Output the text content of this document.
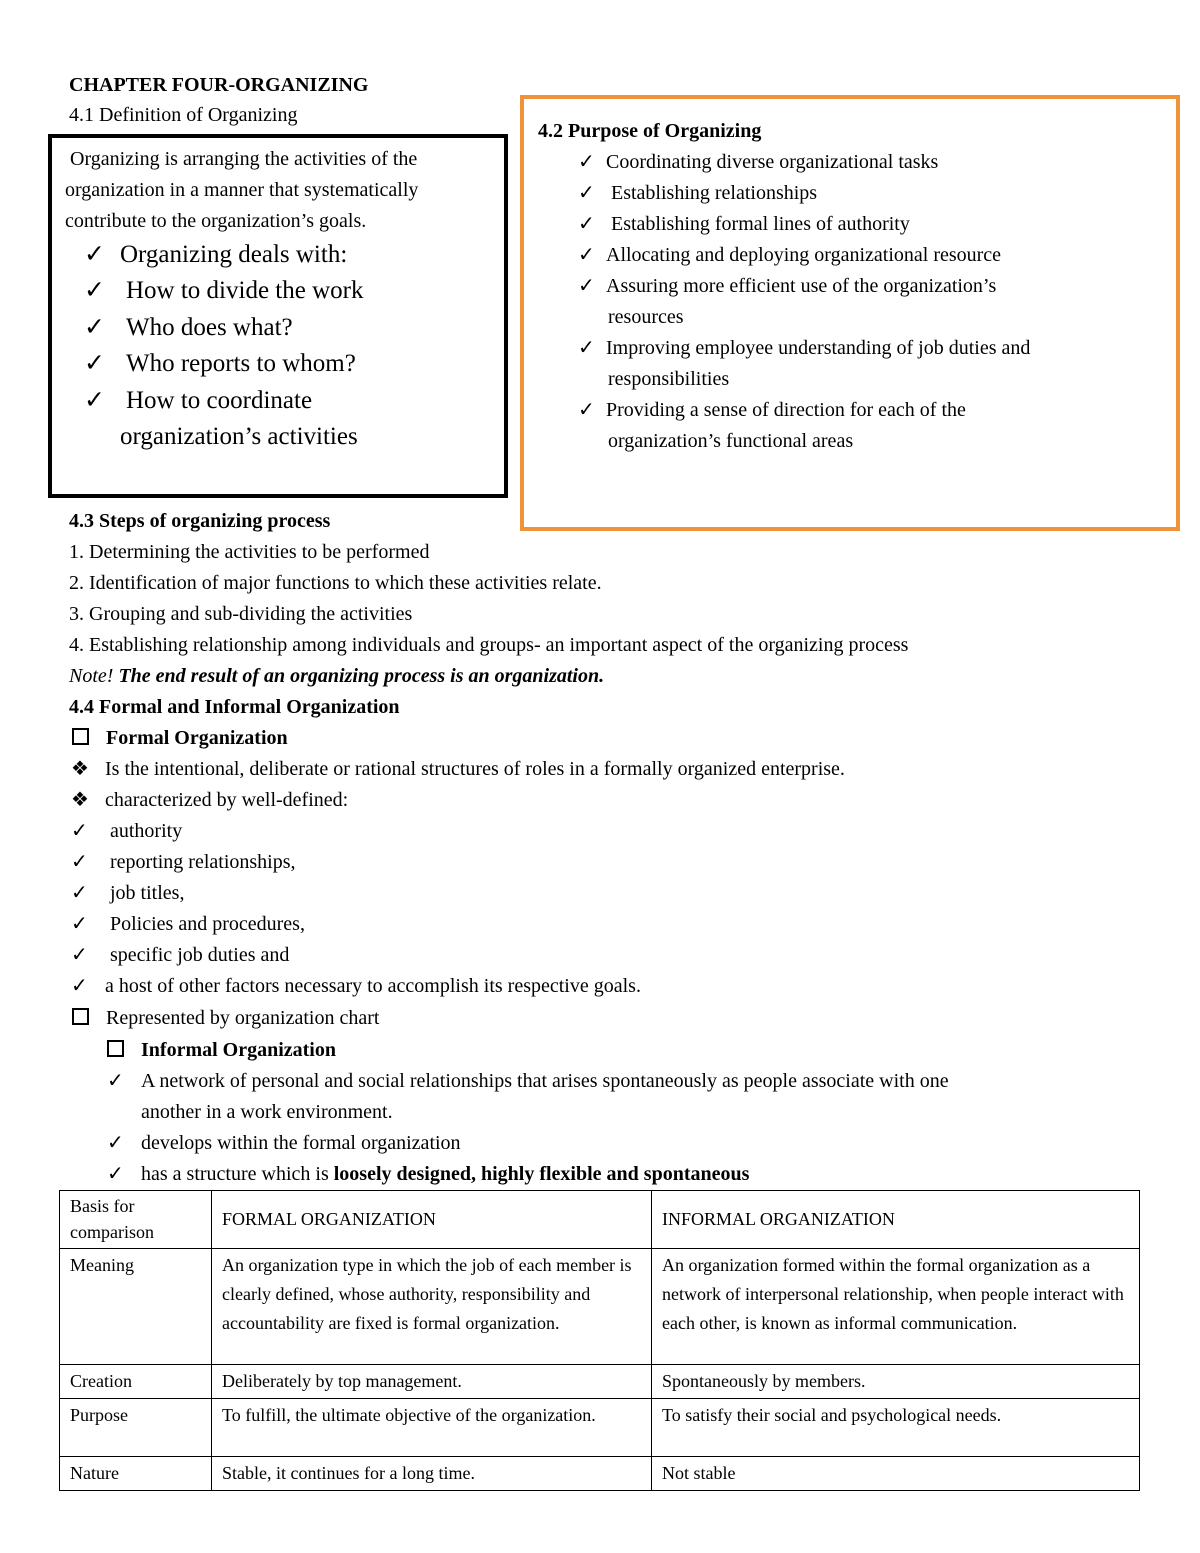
CHAPTER FOUR-ORGANIZING
4.1 Definition of Organizing
Organizing is arranging the activities of the
organization in a manner that systematically
contribute to the organization’s goals.
✓ Organizing deals with:
✓ How to divide the work
✓ Who does what?
✓ Who reports to whom?
✓ How to coordinate
organization’s activities
4.2 Purpose of Organizing
✓ Coordinating diverse organizational tasks
✓ Establishing relationships
✓ Establishing formal lines of authority
✓ Allocating and deploying organizational resource
✓ Assuring more efficient use of the organization’s
resources
✓ Improving employee understanding of job duties and
responsibilities
✓ Providing a sense of direction for each of the
organization’s functional areas
4.3 Steps of organizing process
1. Determining the activities to be performed
2. Identification of major functions to which these activities relate.
3. Grouping and sub-dividing the activities
4. Establishing relationship among individuals and groups- an important aspect of the organizing process
Note! The end result of an organizing process is an organization.
4.4 Formal and Informal Organization
Formal Organization
❖ Is the intentional, deliberate or rational structures of roles in a formally organized enterprise.
❖ characterized by well-defined:
✓ authority
✓ reporting relationships,
✓ job titles,
✓ Policies and procedures,
✓ specific job duties and
✓ a host of other factors necessary to accomplish its respective goals.
Represented by organization chart
Informal Organization
✓ A network of personal and social relationships that arises spontaneously as people associate with one
another in a work environment.
✓ develops within the formal organization
✓ has a structure which is loosely designed, highly flexible and spontaneous
Basis for comparison	FORMAL ORGANIZATION	INFORMAL ORGANIZATION
Meaning	An organization type in which the job of each member is clearly defined, whose authority, responsibility and accountability are fixed is formal organization.	An organization formed within the formal organization as a network of interpersonal relationship, when people interact with each other, is known as informal communication.
Creation	Deliberately by top management.	Spontaneously by members.
Purpose	To fulfill, the ultimate objective of the organization.	To satisfy their social and psychological needs.
Nature	Stable, it continues for a long time.	Not stable
